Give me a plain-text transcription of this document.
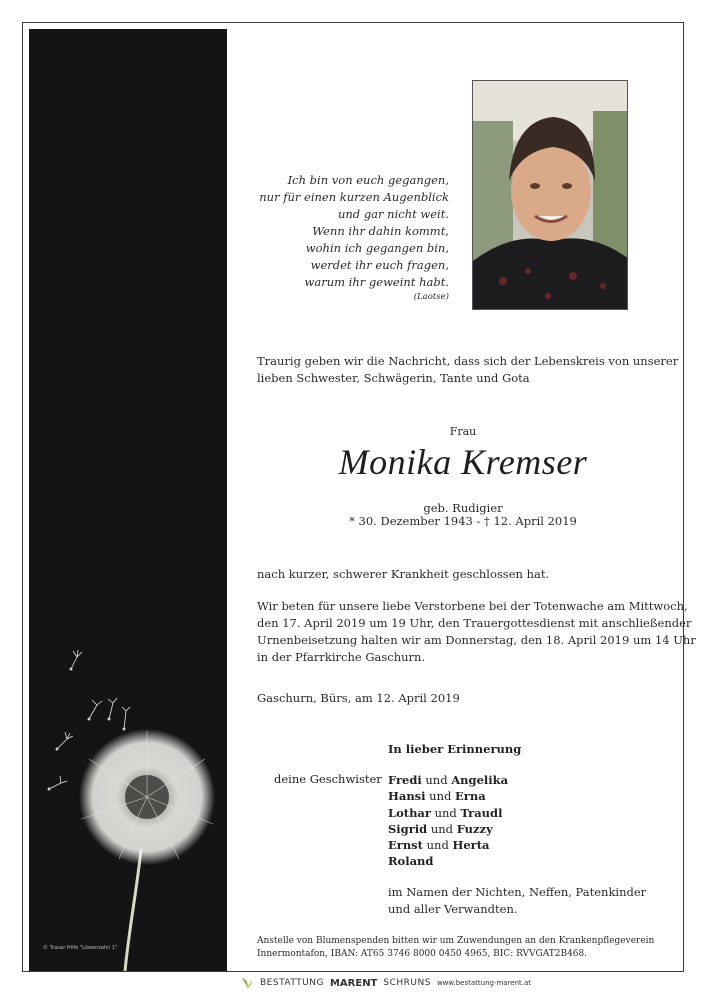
© Trauer Hilfe "Löwenzahn 1"
Ich bin von euch gegangen,
nur für einen kurzen Augenblick
und gar nicht weit.
Wenn ihr dahin kommt,
wohin ich gegangen bin,
werdet ihr euch fragen,
warum ihr geweint habt.
(Laotse)
Traurig geben wir die Nachricht, dass sich der Lebenskreis von unserer lieben Schwester, Schwägerin, Tante und Gota
Frau
Monika Kremser
geb. Rudigier
* 30. Dezember 1943 - † 12. April 2019
nach kurzer, schwerer Krankheit geschlossen hat.
Wir beten für unsere liebe Verstorbene bei der Totenwache am Mittwoch, den 17. April 2019 um 19 Uhr, den Trauergottesdienst mit anschließender Urnenbeisetzung halten wir am Donnerstag, den 18. April 2019 um 14 Uhr in der Pfarrkirche Gaschurn.
Gaschurn, Bürs, am 12. April 2019
In lieber Erinnerung
deine Geschwister Fredi und Angelika
Hansi und Erna
Lothar und Traudl
Sigrid und Fuzzy
Ernst und Herta
Roland
im Namen der Nichten, Neffen, Patenkinder und aller Verwandten.
Anstelle von Blumenspenden bitten wir um Zuwendungen an den Krankenpflegeverein Innermontafon, IBAN: AT65 3746 8000 0450 4965, BIC: RVVGAT2B468.
BESTATTUNG MARENT SCHRUNS www.bestattung-marent.at
